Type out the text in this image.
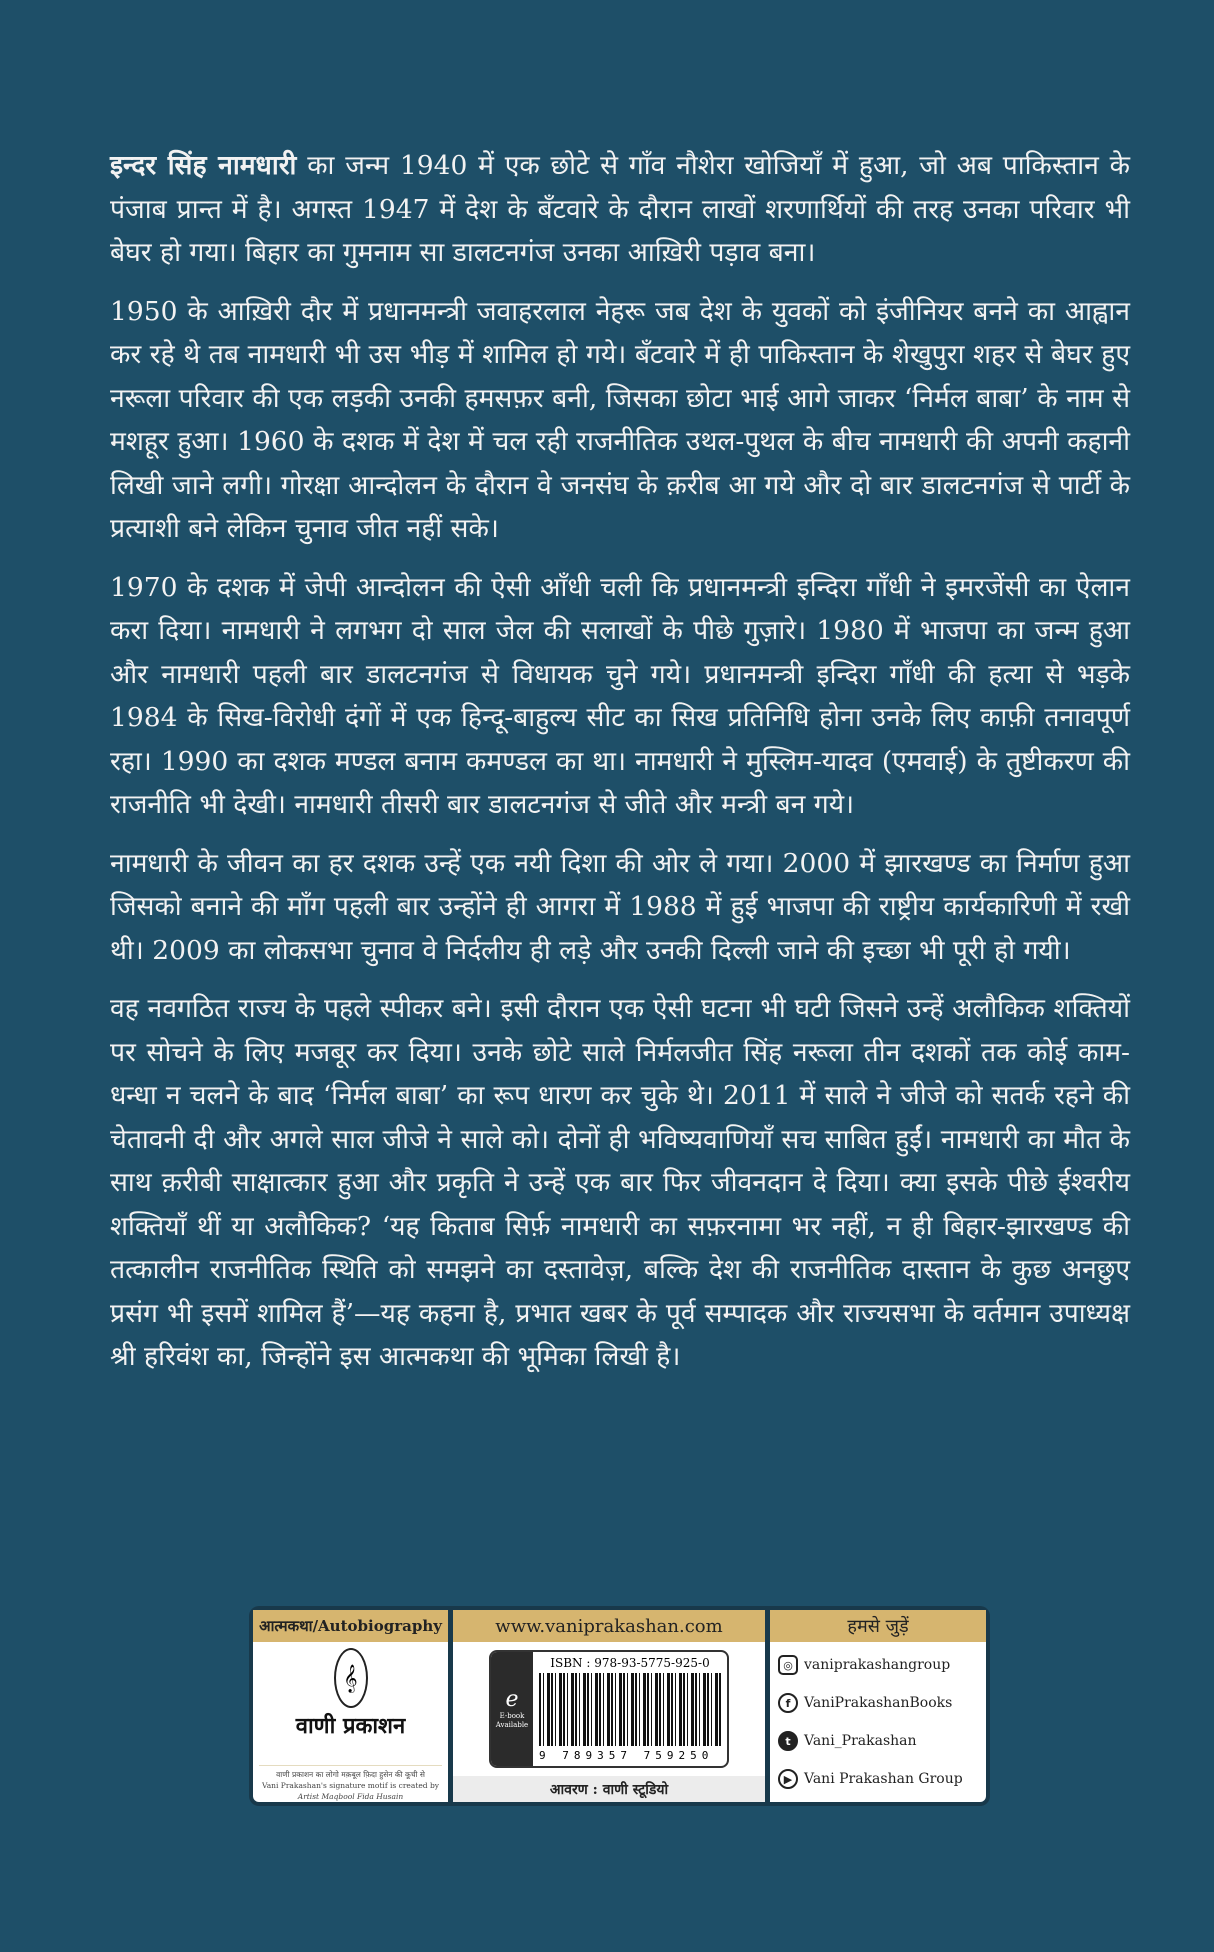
इन्दर सिंह नामधारी का जन्म 1940 में एक छोटे से गाँव नौशेरा खोजियाँ में हुआ, जो अब पाकिस्तान के पंजाब प्रान्त में है। अगस्त 1947 में देश के बँटवारे के दौरान लाखों शरणार्थियों की तरह उनका परिवार भी बेघर हो गया। बिहार का गुमनाम सा डालटनगंज उनका आख़िरी पड़ाव बना।

1950 के आख़िरी दौर में प्रधानमन्त्री जवाहरलाल नेहरू जब देश के युवकों को इंजीनियर बनने का आह्वान कर रहे थे तब नामधारी भी उस भीड़ में शामिल हो गये। बँटवारे में ही पाकिस्तान के शेखुपुरा शहर से बेघर हुए नरूला परिवार की एक लड़की उनकी हमसफ़र बनी, जिसका छोटा भाई आगे जाकर ‘निर्मल बाबा’ के नाम से मशहूर हुआ। 1960 के दशक में देश में चल रही राजनीतिक उथल-पुथल के बीच नामधारी की अपनी कहानी लिखी जाने लगी। गोरक्षा आन्दोलन के दौरान वे जनसंघ के क़रीब आ गये और दो बार डालटनगंज से पार्टी के प्रत्याशी बने लेकिन चुनाव जीत नहीं सके।

1970 के दशक में जेपी आन्दोलन की ऐसी आँधी चली कि प्रधानमन्त्री इन्दिरा गाँधी ने इमरजेंसी का ऐलान करा दिया। नामधारी ने लगभग दो साल जेल की सलाखों के पीछे गुज़ारे। 1980 में भाजपा का जन्म हुआ और नामधारी पहली बार डालटनगंज से विधायक चुने गये। प्रधानमन्त्री इन्दिरा गाँधी की हत्या से भड़के 1984 के सिख-विरोधी दंगों में एक हिन्दू-बाहुल्य सीट का सिख प्रतिनिधि होना उनके लिए काफ़ी तनावपूर्ण रहा। 1990 का दशक मण्डल बनाम कमण्डल का था। नामधारी ने मुस्लिम-यादव (एमवाई) के तुष्टीकरण की राजनीति भी देखी। नामधारी तीसरी बार डालटनगंज से जीते और मन्त्री बन गये।

नामधारी के जीवन का हर दशक उन्हें एक नयी दिशा की ओर ले गया। 2000 में झारखण्ड का निर्माण हुआ जिसको बनाने की माँग पहली बार उन्होंने ही आगरा में 1988 में हुई भाजपा की राष्ट्रीय कार्यकारिणी में रखी थी। 2009 का लोकसभा चुनाव वे निर्दलीय ही लड़े और उनकी दिल्ली जाने की इच्छा भी पूरी हो गयी।

वह नवगठित राज्य के पहले स्पीकर बने। इसी दौरान एक ऐसी घटना भी घटी जिसने उन्हें अलौकिक शक्तियों पर सोचने के लिए मजबूर कर दिया। उनके छोटे साले निर्मलजीत सिंह नरूला तीन दशकों तक कोई काम-धन्धा न चलने के बाद ‘निर्मल बाबा’ का रूप धारण कर चुके थे। 2011 में साले ने जीजे को सतर्क रहने की चेतावनी दी और अगले साल जीजे ने साले को। दोनों ही भविष्यवाणियाँ सच साबित हुईं। नामधारी का मौत के साथ क़रीबी साक्षात्कार हुआ और प्रकृति ने उन्हें एक बार फिर जीवनदान दे दिया। क्या इसके पीछे ईश्वरीय शक्तियाँ थीं या अलौकिक? ‘यह किताब सिर्फ़ नामधारी का सफ़रनामा भर नहीं, न ही बिहार-झारखण्ड की तत्कालीन राजनीतिक स्थिति को समझने का दस्तावेज़, बल्कि देश की राजनीतिक दास्तान के कुछ अनछुए प्रसंग भी इसमें शामिल हैं’—यह कहना है, प्रभात खबर के पूर्व सम्पादक और राज्यसभा के वर्तमान उपाध्यक्ष श्री हरिवंश का, जिन्होंने इस आत्मकथा की भूमिका लिखी है।

आत्मकथा/Autobiography
𝄞
वाणी प्रकाशन
वाणी प्रकाशन का लोगो मक़बूल फ़िदा हुसेन की कूची से
Vani Prakashan's signature motif is created by
Artist Maqbool Fida Husain
www.vaniprakashan.com
e
E-book Available
ISBN : 978-93-5775-925-0
9 789357 759250
आवरण : वाणी स्टूडियो
हमसे जुड़ें
◎ vaniprakashangroup
f VaniPrakashanBooks
t Vani_Prakashan
▶ Vani Prakashan Group
